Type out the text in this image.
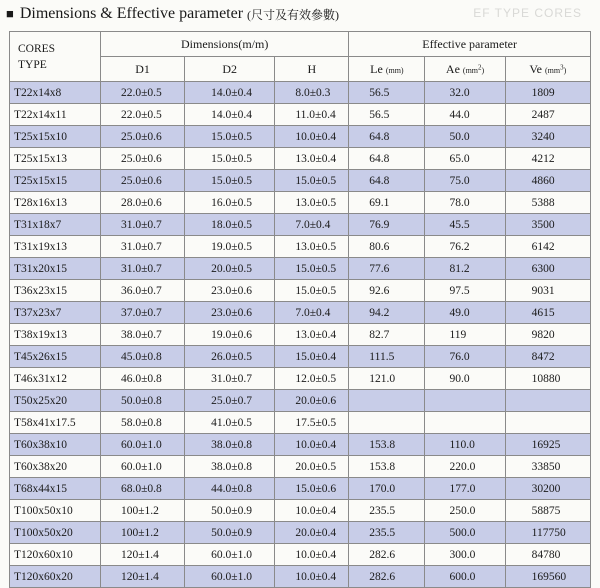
■ Dimensions & Effective parameter (尺寸及有效參數)	EF TYPE CORES
CORES
TYPE	Dimensions(m/m)			Effective parameter		
	D1	D2	H	Le (mm)	Ae $(mm^2)$	Ve $(mm^3)$
T22x14x8	22.0±0.5	14.0±0.4	8.0±0.3	56.5	32.0	1809
T22x14x11	22.0±0.5	14.0±0.4	11.0±0.4	56.5	44.0	2487
T25x15x10	25.0±0.6	15.0±0.5	10.0±0.4	64.8	50.0	3240
T25x15x13	25.0±0.6	15.0±0.5	13.0±0.4	64.8	65.0	4212
T25x15x15	25.0±0.6	15.0±0.5	15.0±0.5	64.8	75.0	4860
T28x16x13	28.0±0.6	16.0±0.5	13.0±0.5	69.1	78.0	5388
T31x18x7	31.0±0.7	18.0±0.5	7.0±0.4	76.9	45.5	3500
T31x19x13	31.0±0.7	19.0±0.5	13.0±0.5	80.6	76.2	6142
T31x20x15	31.0±0.7	20.0±0.5	15.0±0.5	77.6	81.2	6300
T36x23x15	36.0±0.7	23.0±0.6	15.0±0.5	92.6	97.5	9031
T37x23x7	37.0±0.7	23.0±0.6	7.0±0.4	94.2	49.0	4615
T38x19x13	38.0±0.7	19.0±0.6	13.0±0.4	82.7	119	9820
T45x26x15	45.0±0.8	26.0±0.5	15.0±0.4	111.5	76.0	8472
T46x31x12	46.0±0.8	31.0±0.7	12.0±0.5	121.0	90.0	10880
T50x25x20	50.0±0.8	25.0±0.7	20.0±0.6			
T58x41x17.5	58.0±0.8	41.0±0.5	17.5±0.5			
T60x38x10	60.0±1.0	38.0±0.8	10.0±0.4	153.8	110.0	16925
T60x38x20	60.0±1.0	38.0±0.8	20.0±0.5	153.8	220.0	33850
T68x44x15	68.0±0.8	44.0±0.8	15.0±0.6	170.0	177.0	30200
T100x50x10	100±1.2	50.0±0.9	10.0±0.4	235.5	250.0	58875
T100x50x20	100±1.2	50.0±0.9	20.0±0.4	235.5	500.0	117750
T120x60x10	120±1.4	60.0±1.0	10.0±0.4	282.6	300.0	84780
T120x60x20	120±1.4	60.0±1.0	10.0±0.4	282.6	600.0	169560
